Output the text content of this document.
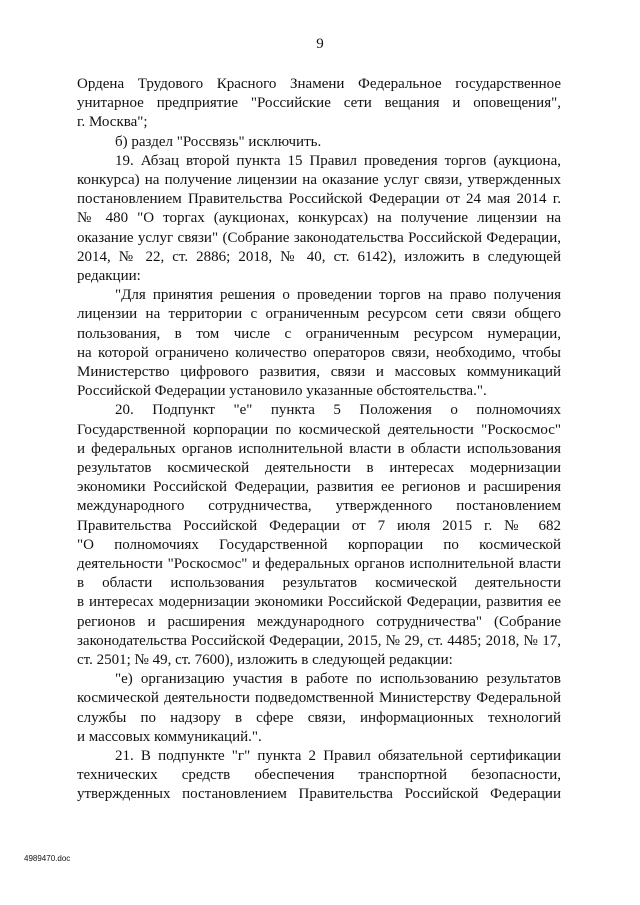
9
Ордена Трудового Красного Знамени Федеральное государственное
унитарное предприятие "Российские сети вещания и оповещения",
г. Москва";
б) раздел "Россвязь" исключить.
19. Абзац второй пункта 15 Правил проведения торгов (аукциона,
конкурса) на получение лицензии на оказание услуг связи, утвержденных
постановлением Правительства Российской Федерации от 24 мая 2014 г.
№ 480 "О торгах (аукционах, конкурсах) на получение лицензии на
оказание услуг связи" (Собрание законодательства Российской Федерации,
2014, № 22, ст. 2886; 2018, № 40, ст. 6142), изложить в следующей
редакции:
"Для принятия решения о проведении торгов на право получения
лицензии на территории с ограниченным ресурсом сети связи общего
пользования, в том числе с ограниченным ресурсом нумерации,
на которой ограничено количество операторов связи, необходимо, чтобы
Министерство цифрового развития, связи и массовых коммуникаций
Российской Федерации установило указанные обстоятельства.".
20. Подпункт "е" пункта 5 Положения о полномочиях
Государственной корпорации по космической деятельности "Роскосмос"
и федеральных органов исполнительной власти в области использования
результатов космической деятельности в интересах модернизации
экономики Российской Федерации, развития ее регионов и расширения
международного сотрудничества, утвержденного постановлением
Правительства Российской Федерации от 7 июля 2015 г. № 682
"О полномочиях Государственной корпорации по космической
деятельности "Роскосмос" и федеральных органов исполнительной власти
в области использования результатов космической деятельности
в интересах модернизации экономики Российской Федерации, развития ее
регионов и расширения международного сотрудничества" (Собрание
законодательства Российской Федерации, 2015, № 29, ст. 4485; 2018, № 17,
ст. 2501; № 49, ст. 7600), изложить в следующей редакции:
"е) организацию участия в работе по использованию результатов
космической деятельности подведомственной Министерству Федеральной
службы по надзору в сфере связи, информационных технологий
и массовых коммуникаций.".
21. В подпункте "г" пункта 2 Правил обязательной сертификации
технических средств обеспечения транспортной безопасности,
утвержденных постановлением Правительства Российской Федерации
4989470.doc
